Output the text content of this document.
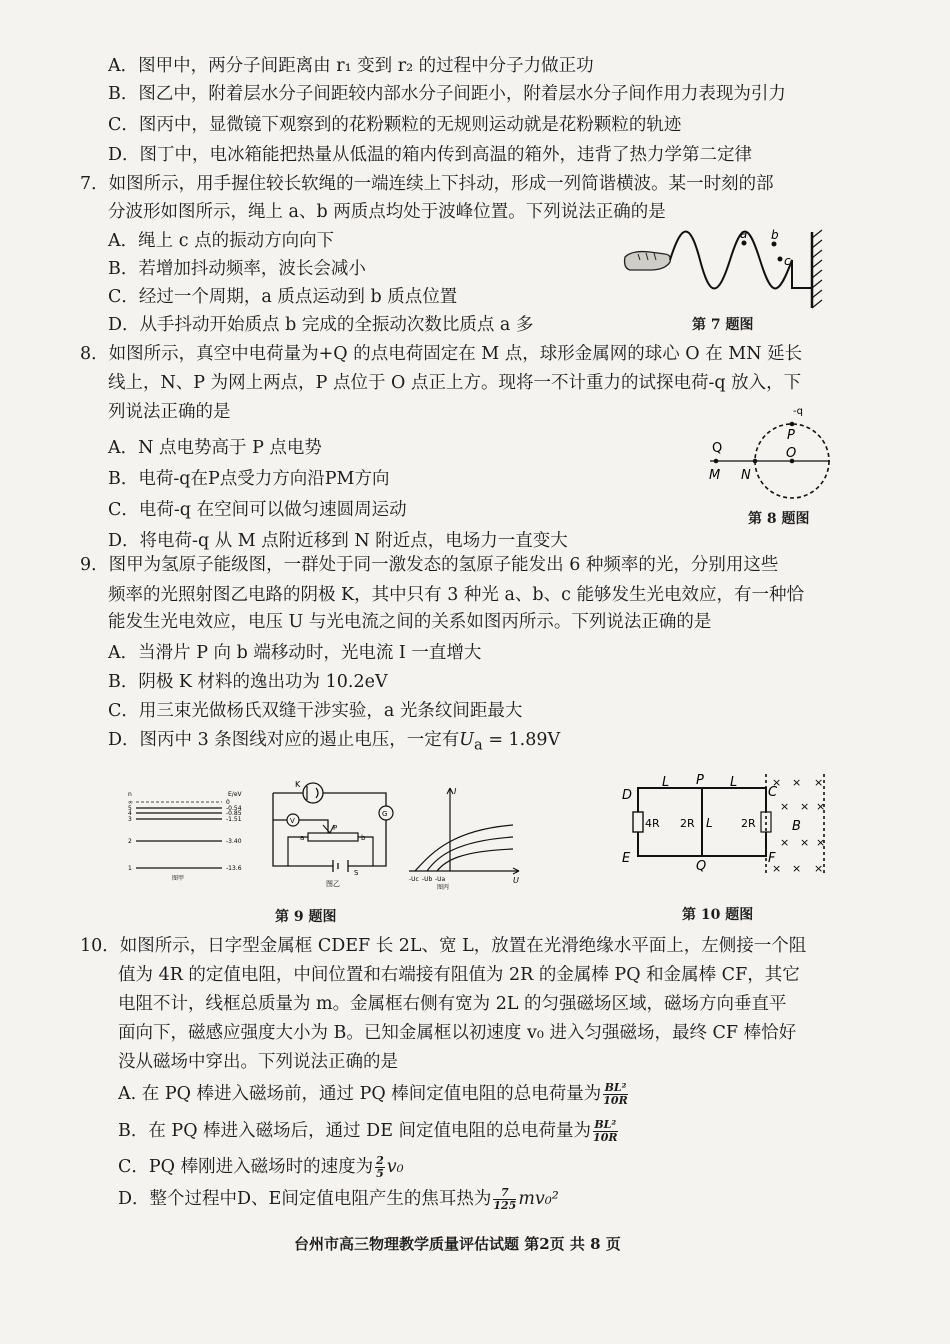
A．图甲中，两分子间距离由 r₁ 变到 r₂ 的过程中分子力做正功
B．图乙中，附着层水分子间距较内部水分子间距小，附着层水分子间作用力表现为引力
C．图丙中，显微镜下观察到的花粉颗粒的无规则运动就是花粉颗粒的轨迹
D．图丁中，电冰箱能把热量从低温的箱内传到高温的箱外，违背了热力学第二定律
7．如图所示，用手握住较长软绳的一端连续上下抖动，形成一列简谐横波。某一时刻的部
分波形如图所示，绳上 a、b 两质点均处于波峰位置。下列说法正确的是
A．绳上 c 点的振动方向向下
B．若增加抖动频率，波长会减小
C．经过一个周期，a 质点运动到 b 质点位置
D．从手抖动开始质点 b 完成的全振动次数比质点 a 多
a b
c
第 7 题图
8．如图所示，真空中电荷量为+Q 的点电荷固定在 M 点，球形金属网的球心 O 在 MN 延长
线上，N、P 为网上两点，P 点位于 O 点正上方。现将一不计重力的试探电荷-q 放入，下
列说法正确的是
A．N 点电势高于 P 点电势
B．电荷-q在P点受力方向沿PM方向
C．电荷-q 在空间可以做匀速圆周运动
D．将电荷-q 从 M 点附近移到 N 附近点，电场力一直变大
Q
M N
O
P
-q
第 8 题图
9．图甲为氢原子能级图，一群处于同一激发态的氢原子能发出 6 种频率的光，分别用这些
频率的光照射图乙电路的阴极 K，其中只有 3 种光 a、b、c 能够发生光电效应，有一种恰
能发生光电效应，电压 U 与光电流之间的关系如图丙所示。下列说法正确的是
A．当滑片 P 向 b 端移动时，光电流 I 一直增大
B．阴极 K 材料的逸出功为 10.2eV
C．用三束光做杨氏双缝干涉实验，a 光条纹间距最大
D．图丙中 3 条图线对应的遏止电压，一定有$U_a = 1.89V$
E/eV
n
∞	0
5	-0.54
4	-0.85
3	-1.51
2	-3.40
1	-13.6
图甲
K
G
V
P
a	b
S
图乙
I
U
-Uc -Ub -Ua
图丙
第 9 题图
D
E
L P L
C
F
Q
4R 2R L	2R	B
× × ×
× × ×
× × ×
× × ×
第 10 题图
10．如图所示，日字型金属框 CDEF 长 2L、宽 L，放置在光滑绝缘水平面上，左侧接一个阻
值为 4R 的定值电阻，中间位置和右端接有阻值为 2R 的金属棒 PQ 和金属棒 CF，其它
电阻不计，线框总质量为 m。金属框右侧有宽为 2L 的匀强磁场区域，磁场方向垂直平
面向下，磁感应强度大小为 B。已知金属框以初速度 v₀ 进入匀强磁场，最终 CF 棒恰好
没从磁场中穿出。下列说法正确的是
A. 在 PQ 棒进入磁场前，通过 PQ 棒间定值电阻的总电荷量为 $\frac{\text{BL²}}{10R}$
B．在 PQ 棒进入磁场后，通过 DE 间定值电阻的总电荷量为 $\frac{\text{BL²}}{10R}$
C．PQ 棒刚进入磁场时的速度为 $\frac{2}{5} v_0$
D．整个过程中D、E间定值电阻产生的焦耳热为 $\frac{7}{125} mv_0^2$
台州市高三物理教学质量评估试题 第2页 共 8 页
